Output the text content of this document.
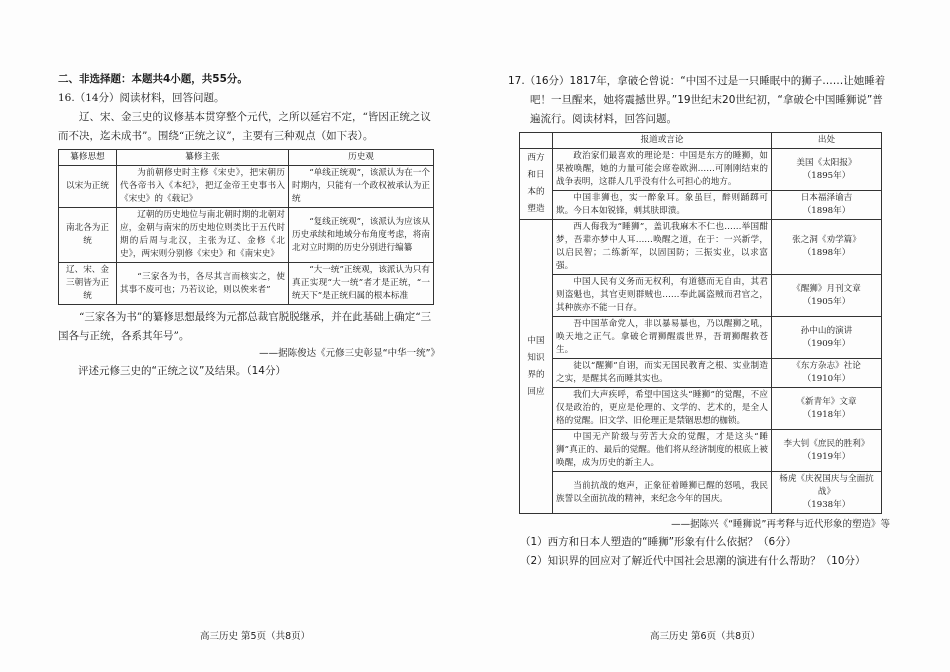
二、非选择题：本题共4小题，共55分。
16.（14分）阅读材料，回答问题。
辽、宋、金三史的议修基本贯穿整个元代，之所以延宕不定，“皆因正统之议而不决，迄未成书”。围绕“正统之议”，主要有三种观点（如下表）。
纂修思想	纂修主张	历史观
以宋为正统	为前朝修史时主修《宋史》，把宋朝历代各帝书入《本纪》，把辽金帝王史事书入《宋史》的《载记》	“单线正统观”，该派认为在一个时期内，只能有一个政权被承认为正统
南北各为正统	辽朝的历史地位与南北朝时期的北朝对应，金朝与南宋的历史地位则类比于五代时期的后周与北汉，主张为辽、金修《北史》，两宋则分别修《宋史》和《南宋史》	“复线正统观”，该派认为应该从历史承续和地域分布角度考虑，将南北对立时期的历史分别进行编纂
辽、宋、金三朝皆为正统	“三家各为书，各尽其言而核实之，使其事不废可也；乃若议论，则以俟来者”	“大一统”正统观，该派认为只有真正实现“大一统”者才是正统，“一统天下”是正统归属的根本标准
“三家各为书”的纂修思想最终为元都总裁官脱脱继承，并在此基础上确定“三国各与正统，各系其年号”。
——据陈俊达《元修三史彰显“中华一统”》
评述元修三史的“正统之议”及结果。（14分）
高三历史 第5页（共8页）
17.（16分）1817年，拿破仑曾说：“中国不过是一只睡眠中的狮子……让她睡着吧！一旦醒来，她将震撼世界。”19世纪末20世纪初，“拿破仑中国睡狮说”普遍流行。阅读材料，回答问题。
	报道或言论	出处
西方和日本的塑造	政治家们最喜欢的理论是：中国是东方的睡狮，如果被唤醒，她的力量可能会席卷欧洲……可刚刚结束的战争表明，这群人几乎没有什么可担心的地方。	美国《太阳报》
（1895年）

	中国非狮也，实一醉象耳。象虽巨，醉则踊踯可欺。今日本如锐锋，刺其肤即溃。	日本福泽谕吉
（1898年）

中国知识界的回应	西人侮我为“睡狮”，盖讥我麻木不仁也……举国酣梦，吾辈亦梦中人耳……唤醒之道，在于：一兴新学，以启民智；二练新军，以固国防；三振实业，以求富强。	张之洞《劝学篇》
（1898年）

	中国人民有义务而无权利，有道德而无自由，其君则盗魁也，其官吏则群贼也……奉此属盗贼而君官之，其种族亦不能一日存。	《醒狮》月刊文章
（1905年）

	吾中国革命党人，非以暴易暴也，乃以醒狮之吼，唤天地之正气。拿破仑谓狮醒震世界，吾谓狮醒救苍生。	孙中山的演讲
（1909年）

	徒以“醒狮”自诩，而实无国民教育之根、实业制造之实，是醒其名而睡其实也。	《东方杂志》社论
（1910年）

	我们大声疾呼，希望中国这头“睡狮”的觉醒，不应仅是政治的，更应是伦理的、文学的、艺术的，是全人格的觉醒。旧文学、旧伦理正是禁锢思想的枷锁。	《新青年》文章
（1918年）

	中国无产阶级与劳苦大众的觉醒，才是这头“睡狮”真正的、最后的觉醒。他们将从经济制度的根底上被唤醒，成为历史的新主人。	李大钊《庶民的胜利》
（1919年）

	当前抗战的炮声，正象征着睡狮已醒的怒吼，我民族誓以全面抗战的精神，来纪念今年的国庆。	杨虎《庆祝国庆与全面抗战》
（1938年）
——据陈兴《“睡狮说”再考释与近代形象的塑造》等
（1）西方和日本人塑造的“睡狮”形象有什么依据？（6分）
（2）知识界的回应对了解近代中国社会思潮的演进有什么帮助？（10分）
高三历史 第6页（共8页）
